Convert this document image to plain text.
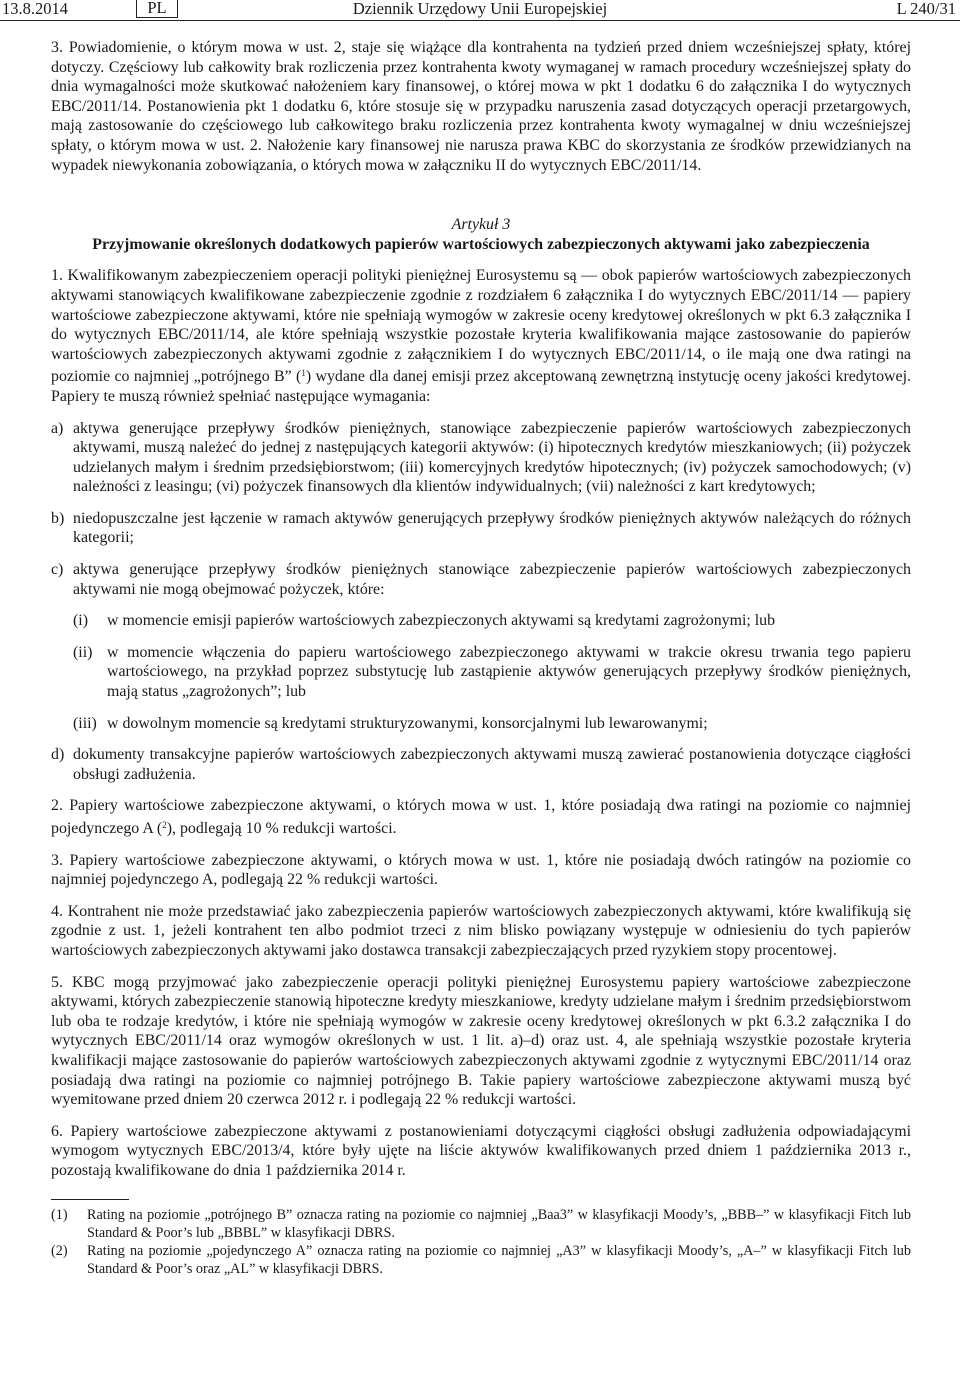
13.8.2014	PL	Dziennik Urzędowy Unii Europejskiej	L 240/31

3. Powiadomienie, o którym mowa w ust. 2, staje się wiążące dla kontrahenta na tydzień przed dniem wcześniejszej spłaty, której dotyczy. Częściowy lub całkowity brak rozliczenia przez kontrahenta kwoty wymaganej w ramach procedury wcześniejszej spłaty do dnia wymagalności może skutkować nałożeniem kary finansowej, o której mowa w pkt 1 dodatku 6 do załącznika I do wytycznych EBC/2011/14. Postanowienia pkt 1 dodatku 6, które stosuje się w przypadku naruszenia zasad dotyczących operacji przetargowych, mają zastosowanie do częściowego lub całkowitego braku rozliczenia przez kontrahenta kwoty wymagalnej w dniu wcześniejszej spłaty, o którym mowa w ust. 2. Nałożenie kary finansowej nie narusza prawa KBC do skorzystania ze środków przewidzianych na wypadek niewykonania zobowiązania, o których mowa w załączniku II do wytycznych EBC/2011/14.

Artykuł 3

Przyjmowanie określonych dodatkowych papierów wartościowych zabezpieczonych aktywami jako zabezpieczenia

1. Kwalifikowanym zabezpieczeniem operacji polityki pieniężnej Eurosystemu są — obok papierów wartościowych zabezpieczonych aktywami stanowiących kwalifikowane zabezpieczenie zgodnie z rozdziałem 6 załącznika I do wytycznych EBC/2011/14 — papiery wartościowe zabezpieczone aktywami, które nie spełniają wymogów w zakresie oceny kredytowej określonych w pkt 6.3 załącznika I do wytycznych EBC/2011/14, ale które spełniają wszystkie pozostałe kryteria kwalifikowania mające zastosowanie do papierów wartościowych zabezpieczonych aktywami zgodnie z załącznikiem I do wytycznych EBC/2011/14, o ile mają one dwa ratingi na poziomie co najmniej „potrójnego B” ($^1$) wydane dla danej emisji przez akceptowaną zewnętrzną instytucję oceny jakości kredytowej. Papiery te muszą również spełniać następujące wymagania:

a) aktywa generujące przepływy środków pieniężnych, stanowiące zabezpieczenie papierów wartościowych zabezpieczonych aktywami, muszą należeć do jednej z następujących kategorii aktywów: (i) hipotecznych kredytów mieszkaniowych; (ii) pożyczek udzielanych małym i średnim przedsiębiorstwom; (iii) komercyjnych kredytów hipotecznych; (iv) pożyczek samochodowych; (v) należności z leasingu; (vi) pożyczek finansowych dla klientów indywidualnych; (vii) należności z kart kredytowych;
b) niedopuszczalne jest łączenie w ramach aktywów generujących przepływy środków pieniężnych aktywów należących do różnych kategorii;
c) aktywa generujące przepływy środków pieniężnych stanowiące zabezpieczenie papierów wartościowych zabezpieczonych aktywami nie mogą obejmować pożyczek, które:
(i)	w momencie emisji papierów wartościowych zabezpieczonych aktywami są kredytami zagrożonymi; lub
(ii) w momencie włączenia do papieru wartościowego zabezpieczonego aktywami w trakcie okresu trwania tego papieru wartościowego, na przykład poprzez substytucję lub zastąpienie aktywów generujących przepływy środków pieniężnych, mają status „zagrożonych”; lub
(iii) w dowolnym momencie są kredytami strukturyzowanymi, konsorcjalnymi lub lewarowanymi;
d) dokumenty transakcyjne papierów wartościowych zabezpieczonych aktywami muszą zawierać postanowienia dotyczące ciągłości obsługi zadłużenia.

2. Papiery wartościowe zabezpieczone aktywami, o których mowa w ust. 1, które posiadają dwa ratingi na poziomie co najmniej pojedynczego A ($^2$), podlegają 10 % redukcji wartości.

3. Papiery wartościowe zabezpieczone aktywami, o których mowa w ust. 1, które nie posiadają dwóch ratingów na poziomie co najmniej pojedynczego A, podlegają 22 % redukcji wartości.

4. Kontrahent nie może przedstawiać jako zabezpieczenia papierów wartościowych zabezpieczonych aktywami, które kwalifikują się zgodnie z ust. 1, jeżeli kontrahent ten albo podmiot trzeci z nim blisko powiązany występuje w odniesieniu do tych papierów wartościowych zabezpieczonych aktywami jako dostawca transakcji zabezpieczających przed ryzykiem stopy procentowej.

5. KBC mogą przyjmować jako zabezpieczenie operacji polityki pieniężnej Eurosystemu papiery wartościowe zabezpieczone aktywami, których zabezpieczenie stanowią hipoteczne kredyty mieszkaniowe, kredyty udzielane małym i średnim przedsiębiorstwom lub oba te rodzaje kredytów, i które nie spełniają wymogów w zakresie oceny kredytowej określonych w pkt 6.3.2 załącznika I do wytycznych EBC/2011/14 oraz wymogów określonych w ust. 1 lit. a)–d) oraz ust. 4, ale spełniają wszystkie pozostałe kryteria kwalifikacji mające zastosowanie do papierów wartościowych zabezpieczonych aktywami zgodnie z wytycznymi EBC/2011/14 oraz posiadają dwa ratingi na poziomie co najmniej potrójnego B. Takie papiery wartościowe zabezpieczone aktywami muszą być wyemitowane przed dniem 20 czerwca 2012 r. i podlegają 22 % redukcji wartości.

6. Papiery wartościowe zabezpieczone aktywami z postanowieniami dotyczącymi ciągłości obsługi zadłużenia odpowiadającymi wymogom wytycznych EBC/2013/4, które były ujęte na liście aktywów kwalifikowanych przed dniem 1 października 2013 r., pozostają kwalifikowane do dnia 1 października 2014 r.

(1)	Rating na poziomie „potrójnego B” oznacza rating na poziomie co najmniej „Baa3” w klasyfikacji Moody’s, „BBB–” w klasyfikacji Fitch lub Standard & Poor’s lub „BBBL” w klasyfikacji DBRS.
(2)	Rating na poziomie „pojedynczego A” oznacza rating na poziomie co najmniej „A3” w klasyfikacji Moody’s, „A–” w klasyfikacji Fitch lub Standard & Poor’s oraz „AL” w klasyfikacji DBRS.
